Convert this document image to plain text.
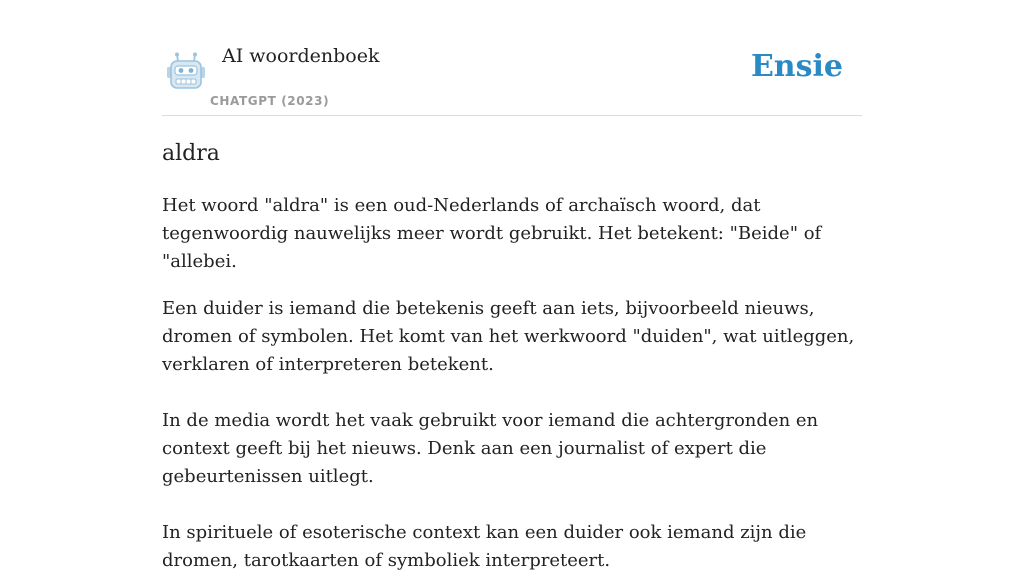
AI woordenboek
CHATGPT (2023)
Ensie
aldra

Het woord "aldra" is een oud-Nederlands of archaïsch woord, dat tegenwoordig nauwelijks meer wordt gebruikt. Het betekent: "Beide" of "allebei.

Een duider is iemand die betekenis geeft aan iets, bijvoorbeeld nieuws, dromen of symbolen. Het komt van het werkwoord "duiden", wat uitleggen, verklaren of interpreteren betekent.

In de media wordt het vaak gebruikt voor iemand die achtergronden en context geeft bij het nieuws. Denk aan een journalist of expert die gebeurtenissen uitlegt.

In spirituele of esoterische context kan een duider ook iemand zijn die dromen, tarotkaarten of symboliek interpreteert.
